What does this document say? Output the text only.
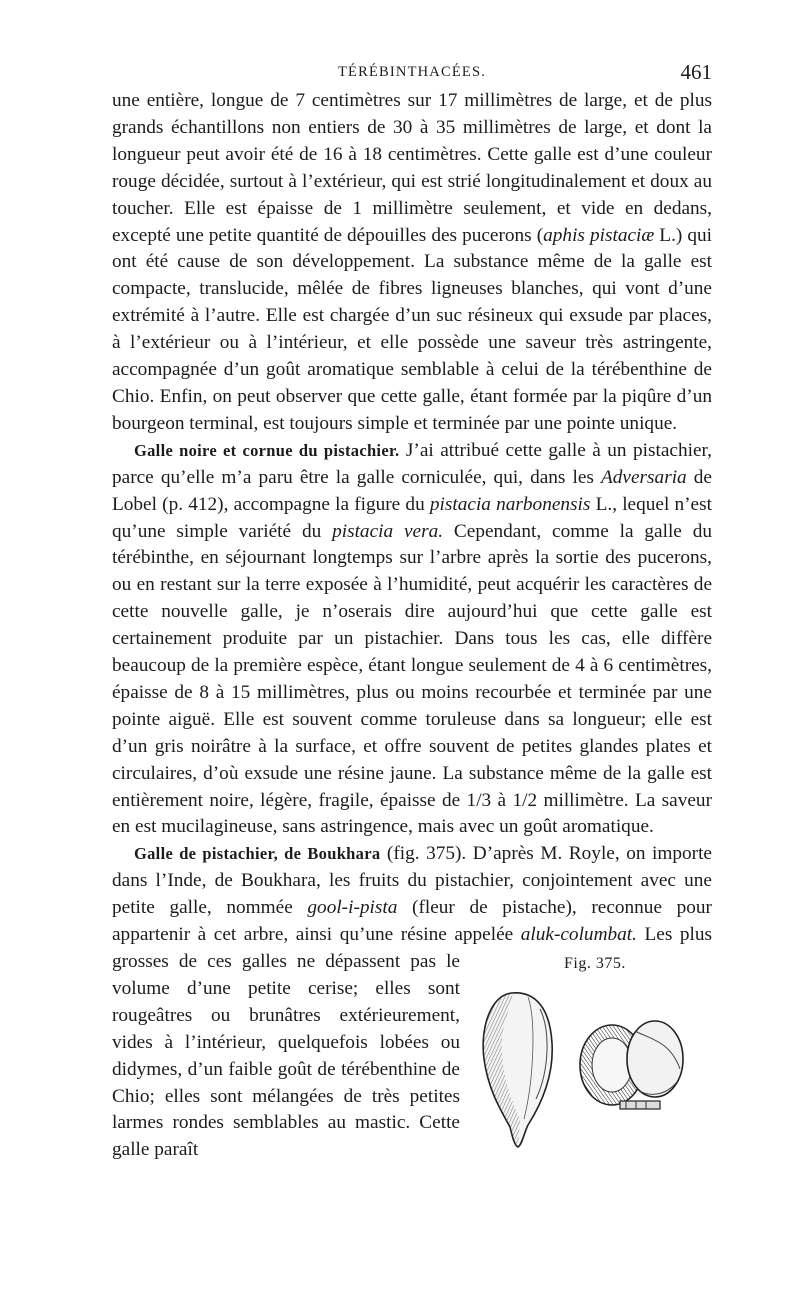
TÉRÉBINTHACÉES.	461

une entière, longue de 7 centimètres sur 17 millimètres de large, et de plus grands échantillons non entiers de 30 à 35 millimètres de large, et dont la longueur peut avoir été de 16 à 18 centimètres. Cette galle est d’une couleur rouge décidée, surtout à l’extérieur, qui est strié longitudinalement et doux au toucher. Elle est épaisse de 1 millimètre seulement, et vide en dedans, excepté une petite quantité de dépouilles des pucerons (aphis pistaciæ L.) qui ont été cause de son développement. La substance même de la galle est compacte, translucide, mêlée de fibres ligneuses blanches, qui vont d’une extrémité à l’autre. Elle est chargée d’un suc résineux qui exsude par places, à l’extérieur ou à l’intérieur, et elle possède une saveur très astringente, accompagnée d’un goût aromatique semblable à celui de la térébenthine de Chio. Enfin, on peut observer que cette galle, étant formée par la piqûre d’un bourgeon terminal, est toujours simple et terminée par une pointe unique.

Galle noire et cornue du pistachier. J’ai attribué cette galle à un pistachier, parce qu’elle m’a paru être la galle corniculée, qui, dans les Adversaria de Lobel (p. 412), accompagne la figure du pistacia narbonensis L., lequel n’est qu’une simple variété du pistacia vera. Cependant, comme la galle du térébinthe, en séjournant longtemps sur l’arbre après la sortie des pucerons, ou en restant sur la terre exposée à l’humidité, peut acquérir les caractères de cette nouvelle galle, je n’oserais dire aujourd’hui que cette galle est certainement produite par un pistachier. Dans tous les cas, elle diffère beaucoup de la première espèce, étant longue seulement de 4 à 6 centimètres, épaisse de 8 à 15 millimètres, plus ou moins recourbée et terminée par une pointe aiguë. Elle est souvent comme toruleuse dans sa longueur; elle est d’un gris noirâtre à la surface, et offre souvent de petites glandes plates et circulaires, d’où exsude une résine jaune. La substance même de la galle est entièrement noire, légère, fragile, épaisse de 1/3 à 1/2 millimètre. La saveur en est mucilagineuse, sans astringence, mais avec un goût aromatique.

Galle de pistachier, de Boukhara (fig. 375). D’après M. Royle, on importe dans l’Inde, de Boukhara, les fruits du pistachier, conjointement avec une petite galle, nommée gool-i-pista (fleur de pistache), reconnue pour appartenir à cet arbre, ainsi qu’une résine appelée
Fig. 375.
aluk-columbat. Les plus grosses de ces galles ne dépassent pas le volume d’une petite cerise; elles sont rougeâtres ou brunâtres extérieurement, vides à l’intérieur, quelquefois lobées ou didymes, d’un faible goût de térébenthine de Chio; elles sont mélangées de très petites larmes rondes semblables au mastic. Cette galle paraît
